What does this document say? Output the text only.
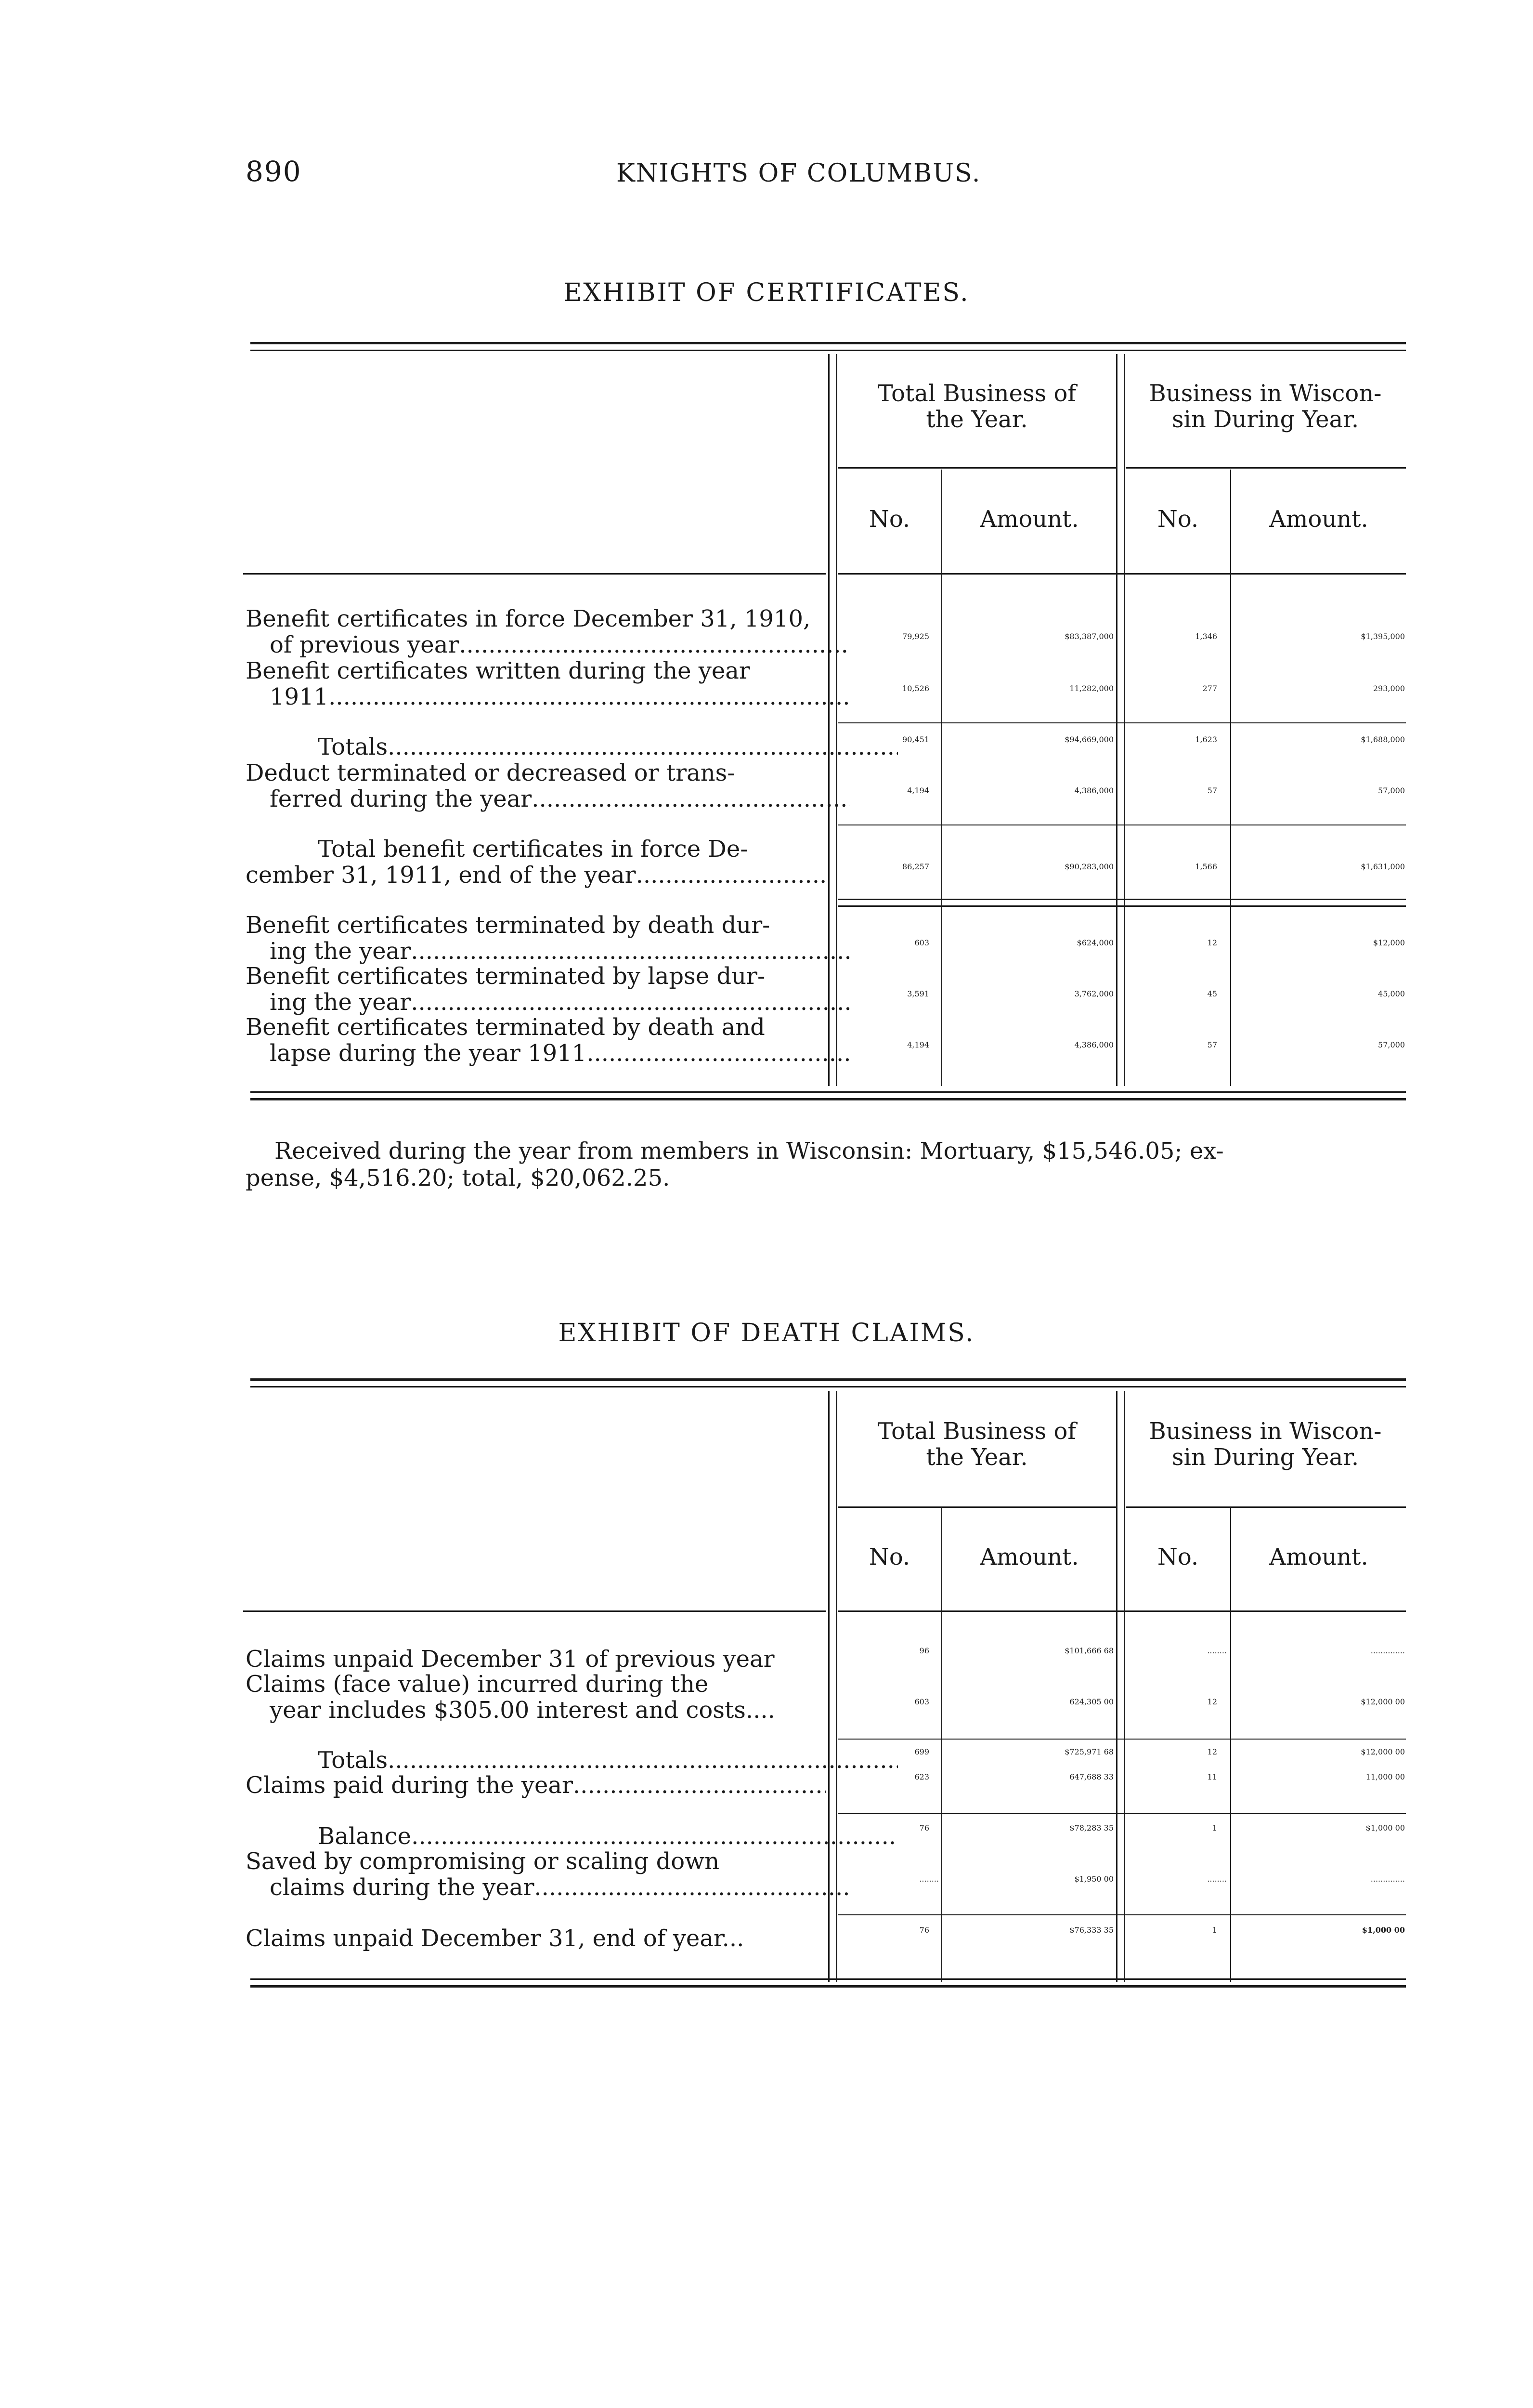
890	KNIGHTS OF COLUMBUS.
EXHIBIT OF CERTIFICATES.
Total Business of
the Year.
Business in Wiscon-
sin During Year.
No.	Amount.	No.	Amount.
Benefit certificates in force December 31, 1910,
of previous year .....	79,925	$83,387,000	1,346	$1,395,000
Benefit certificates written during the year
1911 .....	10,526	11,282,000	277	293,000
Totals .....	90,451	$94,669,000	1,623	$1,688,000
Deduct terminated or decreased or trans-
ferred during the year .....	4,194	4,386,000	57	57,000
Total benefit certificates in force De-
cember 31, 1911, end of the year .....	86,257	$90,283,000	1,566	$1,631,000
Benefit certificates terminated by death dur-
ing the year .....	603	$624,000	12	$12,000
Benefit certificates terminated by lapse dur-
ing the year .....	3,591	3,762,000	45	45,000
Benefit certificates terminated by death and
lapse during the year 1911 .....	4,194	4,386,000	57	57,000
Received during the year from members in Wisconsin: Mortuary, $15,546.05; ex-
pense, $4,516.20; total, $20,062.25.
EXHIBIT OF DEATH CLAIMS.
Total Business of
the Year.
Business in Wiscon-
sin During Year.
No.	Amount.	No.	Amount.
Claims unpaid December 31 of previous year	96	$101,666 68	........	..............
Claims (face value) incurred during the
year includes $305.00 interest and costs....	603	624,305 00	12	$12,000 00
Totals .....	699	$725,971 68	12	$12,000 00
Claims paid during the year .....	623	647,688 33	11	11,000 00
Balance .....	76	$78,283 35	1	$1,000 00
Saved by compromising or scaling down
claims during the year .....	........	$1,950 00	........	..............
Claims unpaid December 31, end of year...	76	$76,333 35	1	$1,000 00
